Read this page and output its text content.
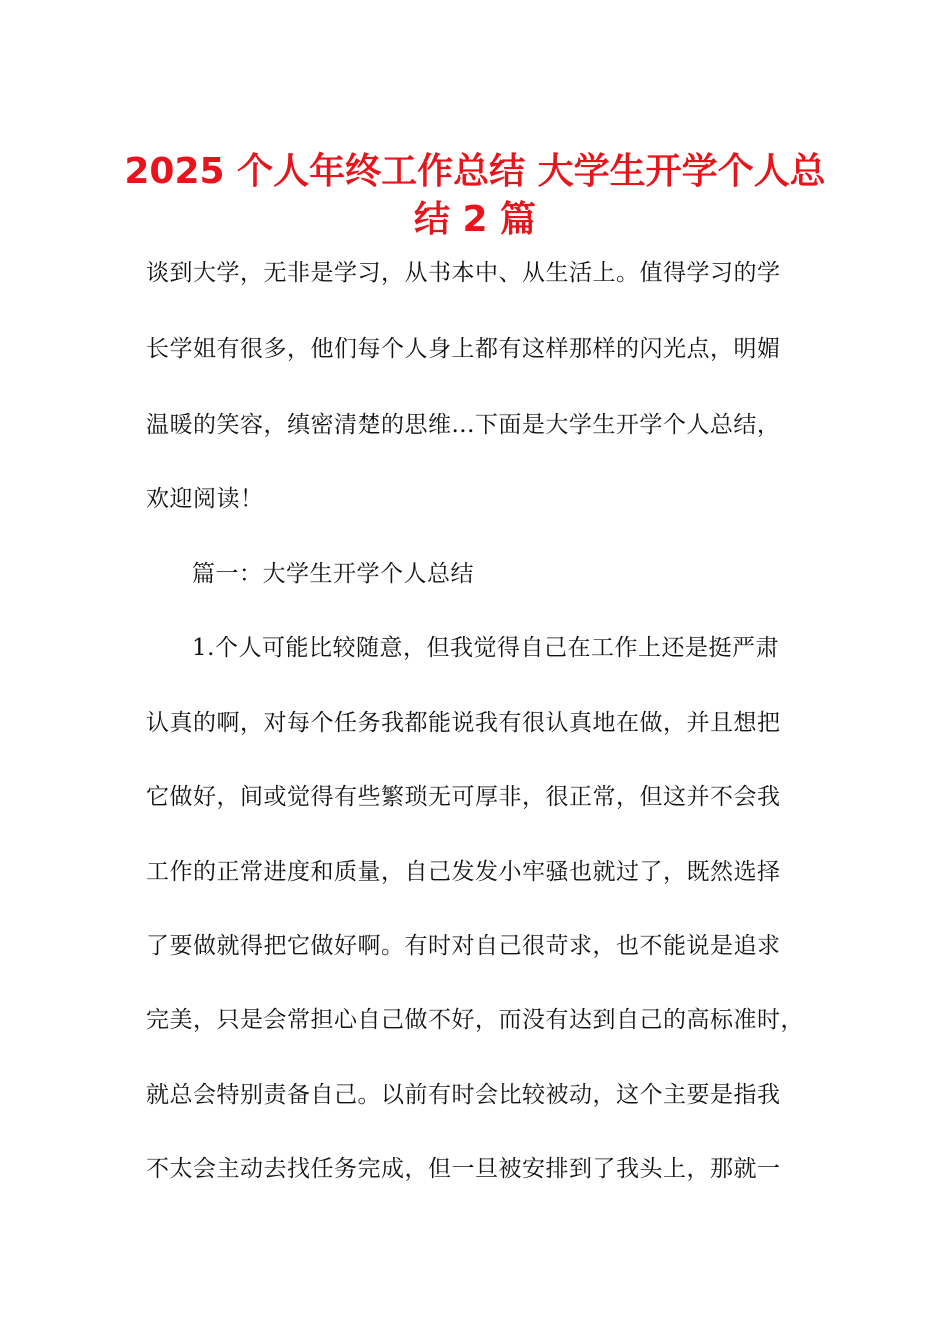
2025 个人年终工作总结 大学生开学个人总
结 2 篇

谈到大学，无非是学习，从书本中、从生活上。值得学习的学

长学姐有很多，他们每个人身上都有这样那样的闪光点，明媚

温暖的笑容，缜密清楚的思维...下面是大学生开学个人总结，

欢迎阅读！

篇一：大学生开学个人总结

1.个人可能比较随意，但我觉得自己在工作上还是挺严肃

认真的啊，对每个任务我都能说我有很认真地在做，并且想把

它做好，间或觉得有些繁琐无可厚非，很正常，但这并不会我

工作的正常进度和质量，自己发发小牢骚也就过了，既然选择

了要做就得把它做好啊。有时对自己很苛求，也不能说是追求

完美，只是会常担心自己做不好，而没有达到自己的高标准时，

就总会特别责备自己。以前有时会比较被动，这个主要是指我

不太会主动去找任务完成，但一旦被安排到了我头上，那就一
